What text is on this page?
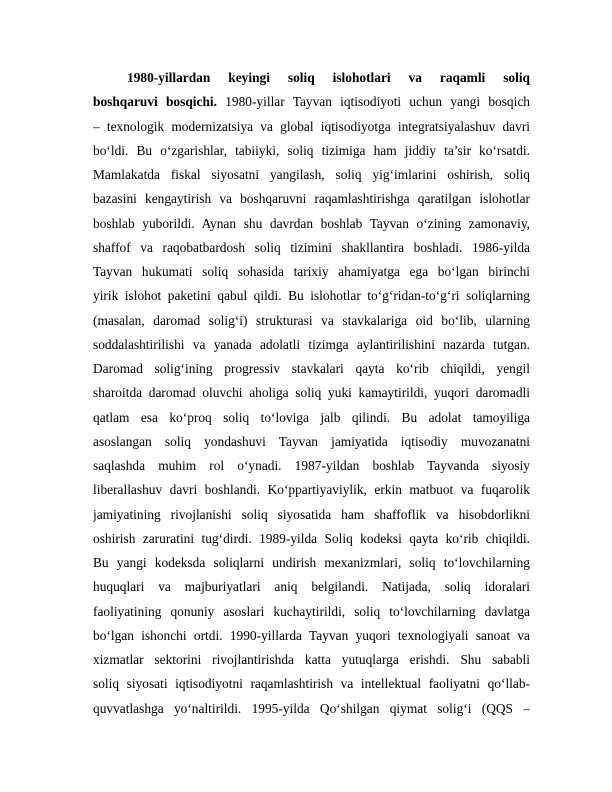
1980-yillardan keyingi soliq islohotlari va raqamli soliq
boshqaruvi bosqichi. 1980-yillar Tayvan iqtisodiyoti uchun yangi bosqich
– texnologik modernizatsiya va global iqtisodiyotga integratsiyalashuv davri
bo‘ldi. Bu o‘zgarishlar, tabiiyki, soliq tizimiga ham jiddiy ta’sir ko‘rsatdi.
Mamlakatda fiskal siyosatni yangilash, soliq yig‘imlarini oshirish, soliq
bazasini kengaytirish va boshqaruvni raqamlashtirishga qaratilgan islohotlar
boshlab yuborildi. Aynan shu davrdan boshlab Tayvan o‘zining zamonaviy,
shaffof va raqobatbardosh soliq tizimini shakllantira boshladi. 1986-yilda
Tayvan hukumati soliq sohasida tarixiy ahamiyatga ega bo‘lgan birinchi
yirik islohot paketini qabul qildi. Bu islohotlar to‘g‘ridan-to‘g‘ri soliqlarning
(masalan, daromad solig‘i) strukturasi va stavkalariga oid bo‘lib, ularning
soddalashtirilishi va yanada adolatli tizimga aylantirilishini nazarda tutgan.
Daromad solig‘ining progressiv stavkalari qayta ko‘rib chiqildi, yengil
sharoitda daromad oluvchi aholiga soliq yuki kamaytirildi, yuqori daromadli
qatlam esa ko‘proq soliq to‘loviga jalb qilindi. Bu adolat tamoyiliga
asoslangan soliq yondashuvi Tayvan jamiyatida iqtisodiy muvozanatni
saqlashda muhim rol o‘ynadi. 1987-yildan boshlab Tayvanda siyosiy
liberallashuv davri boshlandi. Ko‘ppartiyaviylik, erkin matbuot va fuqarolik
jamiyatining rivojlanishi soliq siyosatida ham shaffoflik va hisobdorlikni
oshirish zaruratini tug‘dirdi. 1989-yilda Soliq kodeksi qayta ko‘rib chiqildi.
Bu yangi kodeksda soliqlarni undirish mexanizmlari, soliq to‘lovchilarning
huquqlari va majburiyatlari aniq belgilandi. Natijada, soliq idoralari
faoliyatining qonuniy asoslari kuchaytirildi, soliq to‘lovchilarning davlatga
bo‘lgan ishonchi ortdi. 1990-yillarda Tayvan yuqori texnologiyali sanoat va
xizmatlar sektorini rivojlantirishda katta yutuqlarga erishdi. Shu sababli
soliq siyosati iqtisodiyotni raqamlashtirish va intellektual faoliyatni qo‘llab-
quvvatlashga yo‘naltirildi. 1995-yilda Qo‘shilgan qiymat solig‘i (QQS –
